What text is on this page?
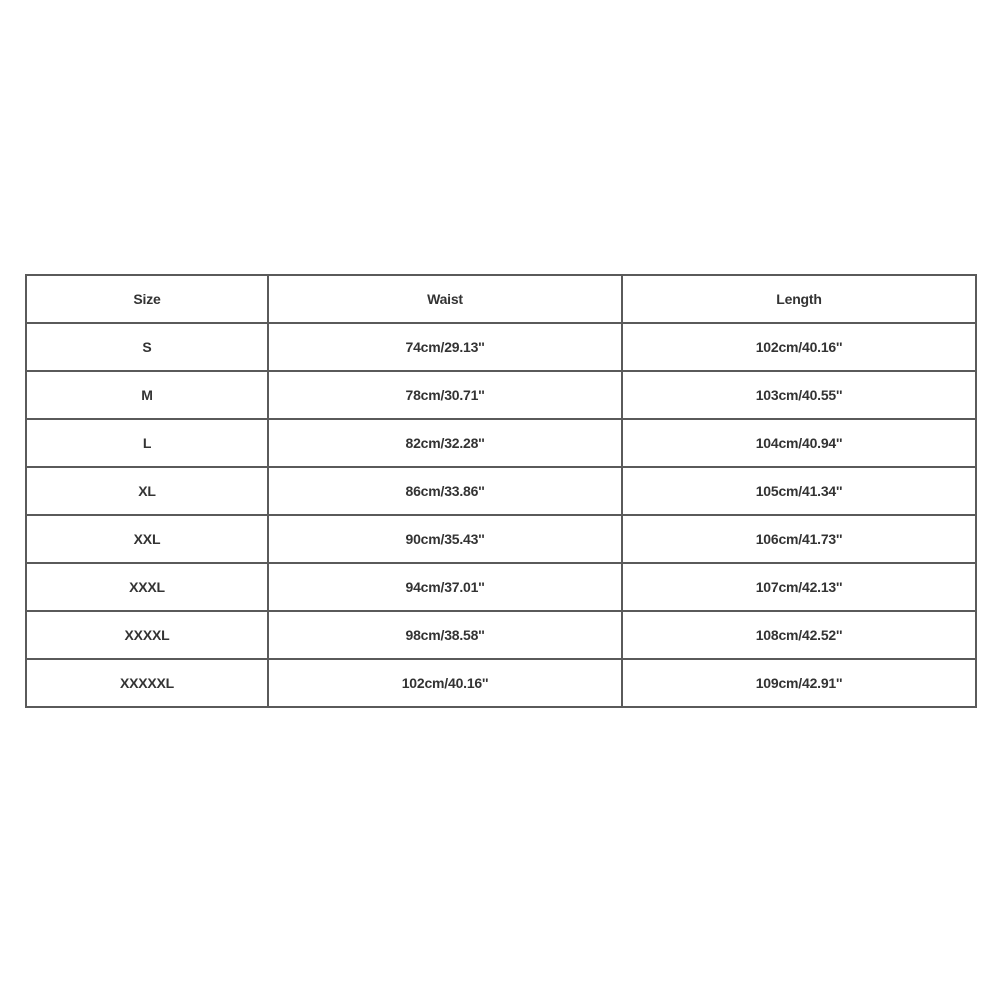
Size	Waist	Length
S	74cm/29.13''	102cm/40.16''
M	78cm/30.71''	103cm/40.55''
L	82cm/32.28''	104cm/40.94''
XL	86cm/33.86''	105cm/41.34''
XXL	90cm/35.43''	106cm/41.73''
XXXL	94cm/37.01''	107cm/42.13''
XXXXL	98cm/38.58''	108cm/42.52''
XXXXXL	102cm/40.16''	109cm/42.91''
